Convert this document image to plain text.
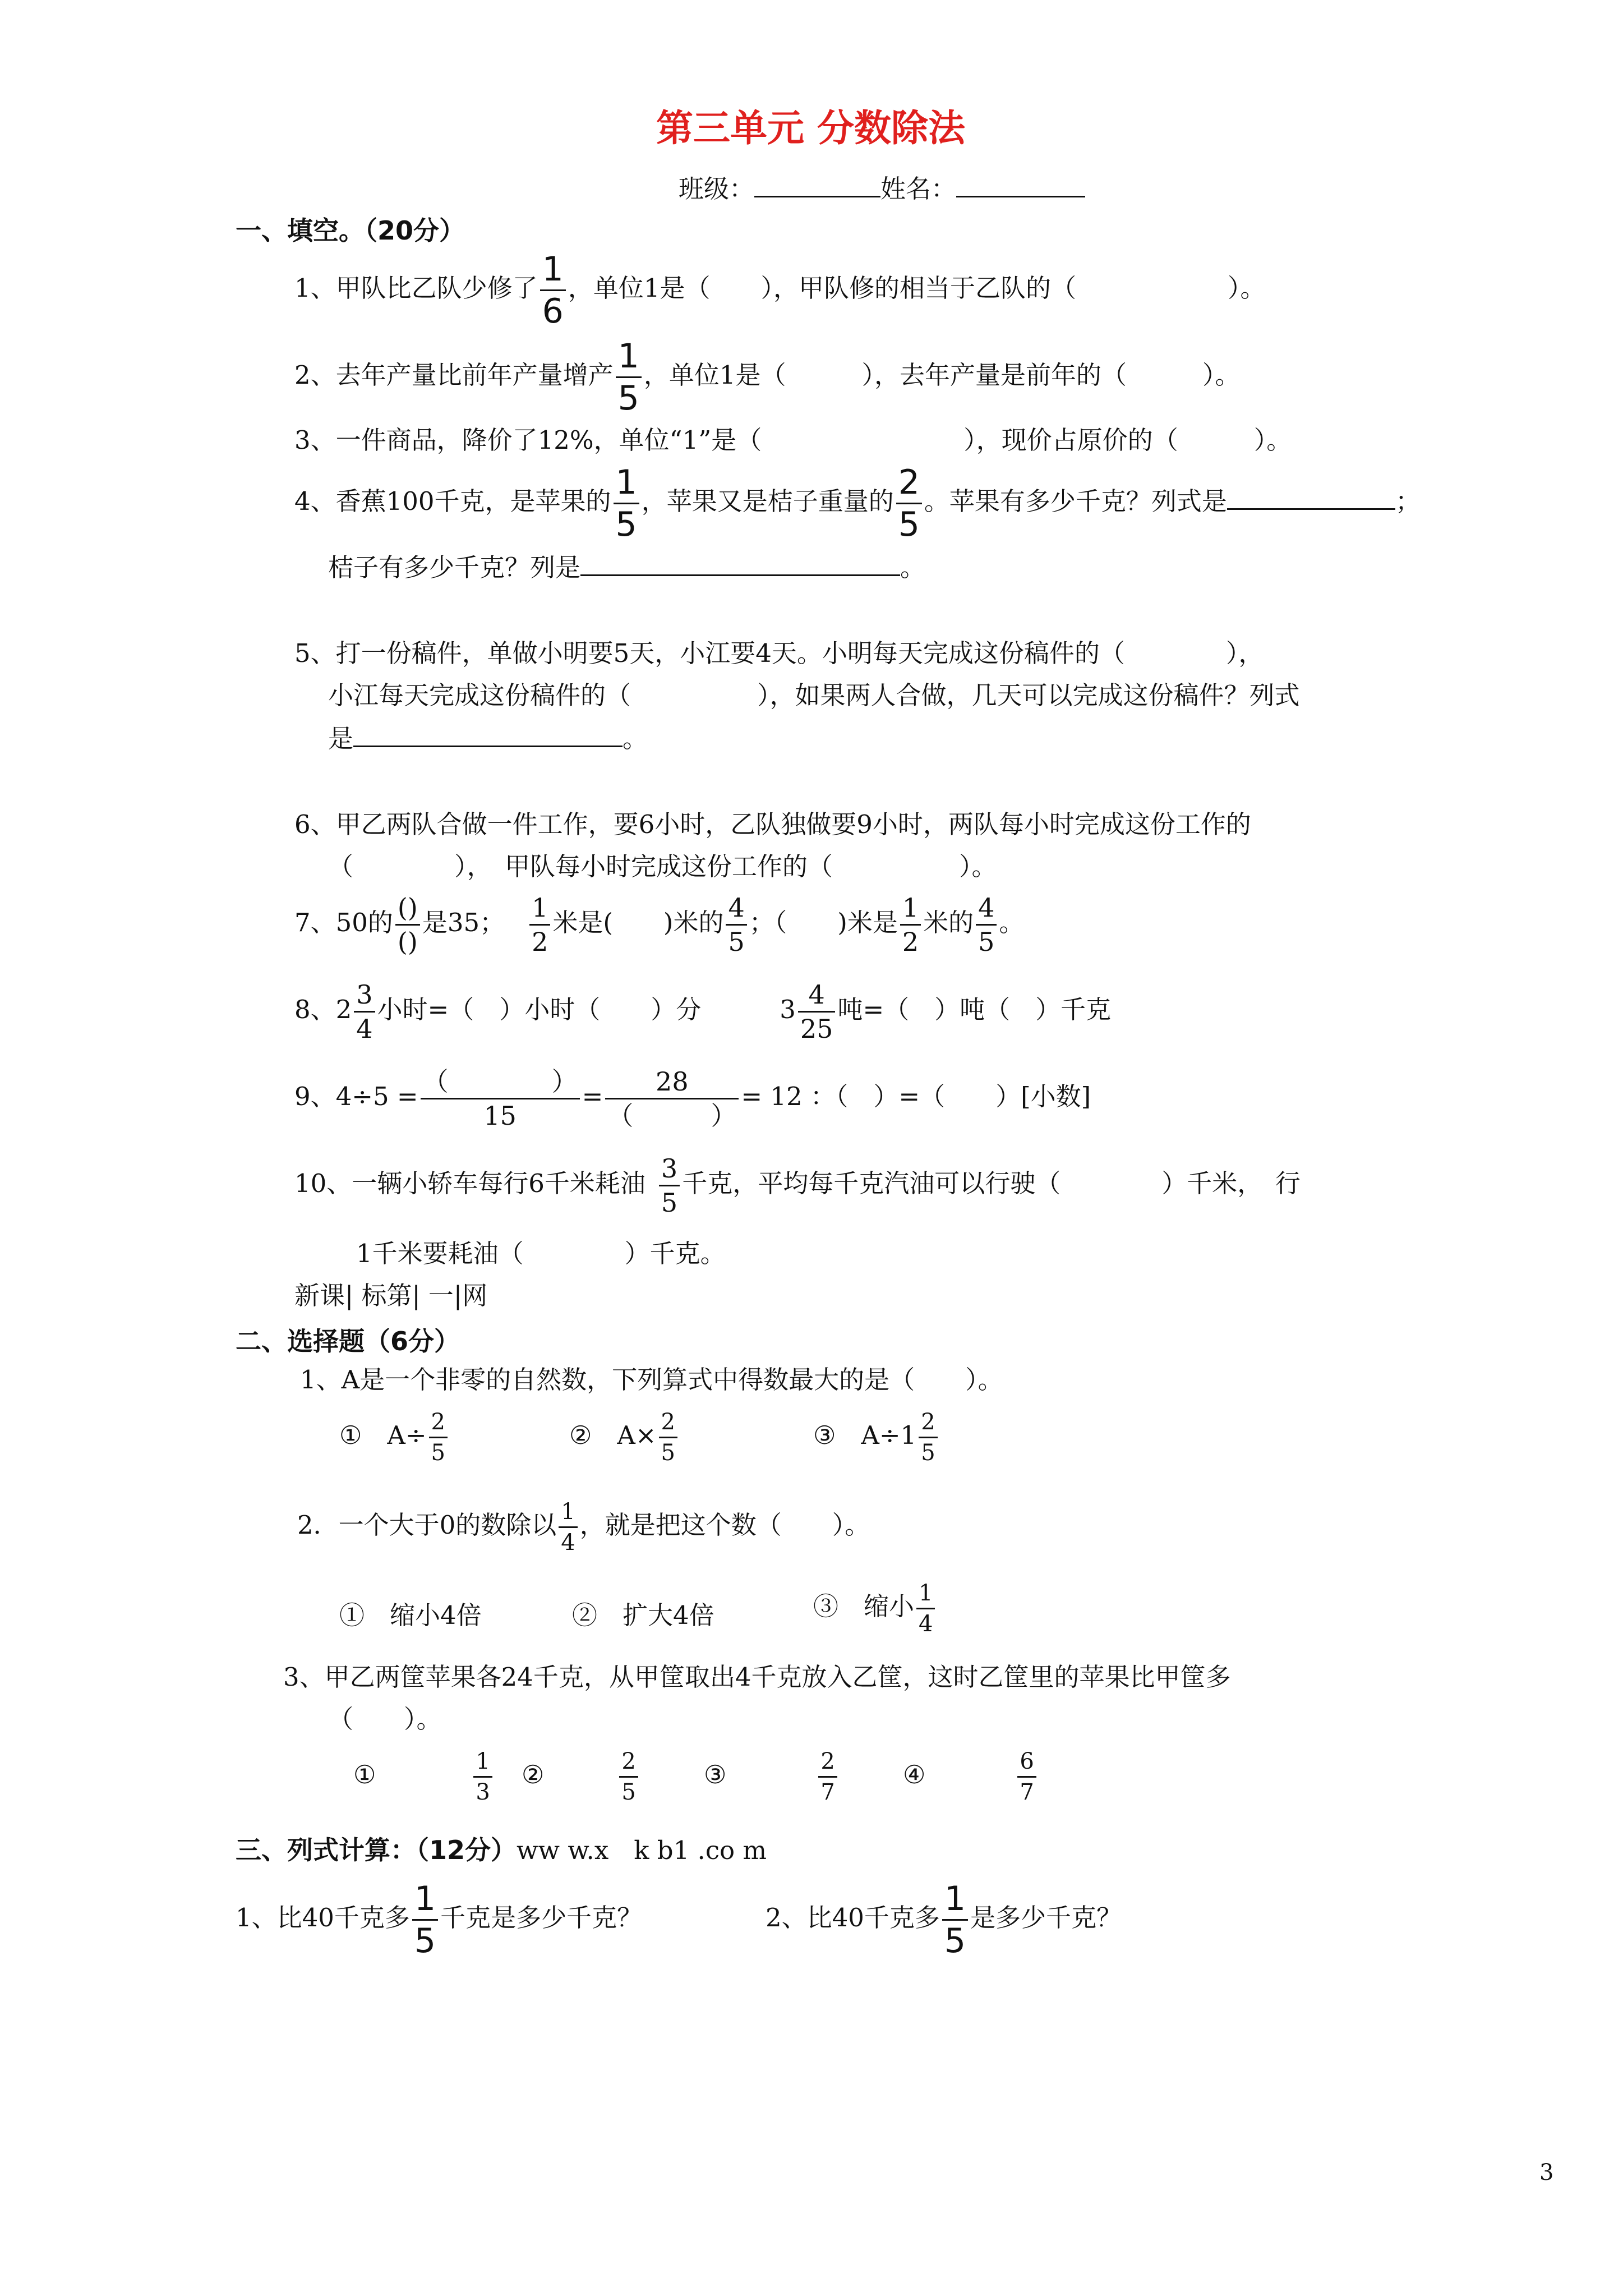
第三单元 分数除法
班级：	姓名：
一、填空。（20分）
1、甲队比乙队少修了 $\frac{1}{6}$ ，单位1是（　　），甲队修的相当于乙队的（　　　　　　）。
2、去年产量比前年产量增产 $\frac{1}{5}$ ，单位1是（　　　），去年产量是前年的（　　　）。
3、一件商品，降价了12%，单位“1”是（　　　　　　　　），现价占原价的（　　　）。
4、香蕉100千克，是苹果的 $\frac{1}{5}$ ，苹果又是桔子重量的 $\frac{2}{5}$ 。苹果有多少千克？列式是	；
桔子有多少千克？列是	。
5、打一份稿件，单做小明要5天，小江要4天。小明每天完成这份稿件的（　　　　），
小江每天完成这份稿件的（　　　　　），如果两人合做，几天可以完成这份稿件？列式
是	。
6、甲乙两队合做一件工作，要6小时，乙队独做要9小时，两队每小时完成这份工作的
（　　　　），　甲队每小时完成这份工作的（　　　　　）。
7、50的 $\frac{()}{()}$ 是35； $\frac{1}{2}$ 米是(　　)米的 $\frac{4}{5}$ ；（　　)米是 $\frac{1}{2}$ 米的 $\frac{4}{5}$ 。
8、$2 \frac{3}{4}$ 小时=（　）小时（　　）分	$3 \frac{4}{25}$ 吨=（　）吨（　）千克
9、$4\div 5 = \frac{( )}{15} = \frac{28}{( )} = 12$ ：（　）=（　　）[小数]
10、一辆小轿车每行6千米耗油 $\frac{3}{5}$ 千克，平均每千克汽油可以行驶（　　　　）千米，　行
1千米要耗油（　　　　）千克。
新课| 标第| 一|网
二、选择题（6分）
1、A是一个非零的自然数，下列算式中得数最大的是（　　）。
①　$A\div \frac{2}{5}$	②　$A\times \frac{2}{5}$	③　$A\div 1 \frac{2}{5}$
2．一个大于0的数除以 $\frac{1}{4}$ ，就是把这个数（　　）。
①　缩小4倍	②　扩大4倍	③　缩小 $\frac{1}{4}$
3、甲乙两筐苹果各24千克，从甲筐取出4千克放入乙筐，这时乙筐里的苹果比甲筐多
（　　）。
①	$\frac{1}{3}$ ②	$\frac{2}{5}$	③	$\frac{2}{7}$	④	$\frac{6}{7}$
三、列式计算：（12分）ww w.x　k b1 .co m
1、比40千克多 $\frac{1}{5}$ 千克是多少千克？	2、比40千克多 $\frac{1}{5}$ 是多少千克？
3
